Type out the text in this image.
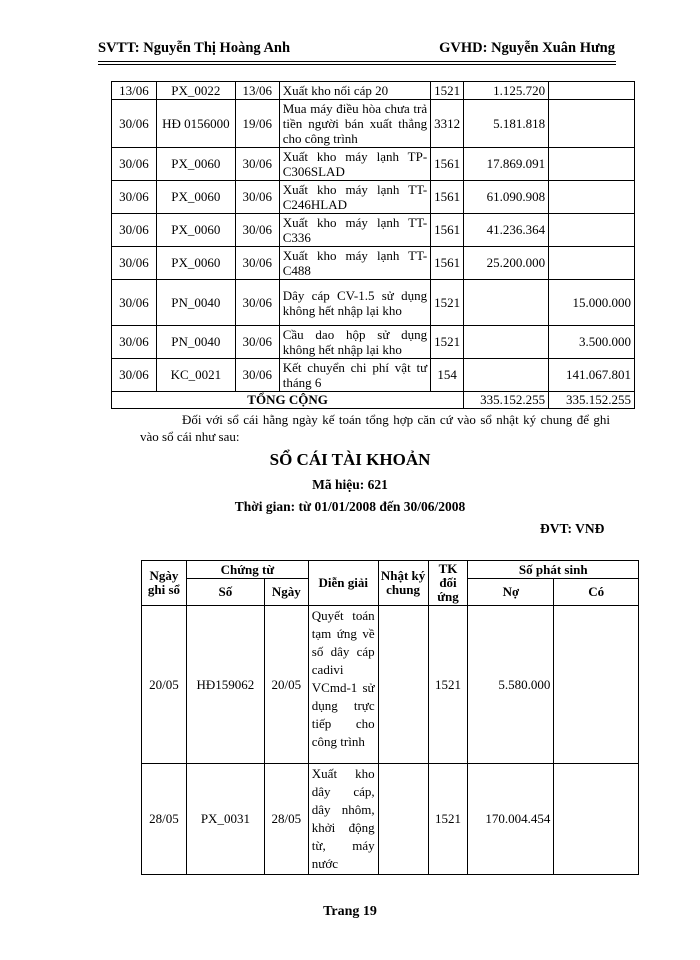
SVTT: Nguyễn Thị Hoàng Anh	GVHD: Nguyễn Xuân Hưng
13/06	PX_0022	13/06	Xuất kho nối cáp 20	1521	1.125.720	
30/06	HĐ 0156000	19/06	Mua máy điều hòa chưa trả tiền người bán xuất thẳng cho công trình	3312	5.181.818	
30/06	PX_0060	30/06	Xuất kho máy lạnh TP-C306SLAD	1561	17.869.091	
30/06	PX_0060	30/06	Xuất kho máy lạnh TT-C246HLAD	1561	61.090.908	
30/06	PX_0060	30/06	Xuất kho máy lạnh TT-C336	1561	41.236.364	
30/06	PX_0060	30/06	Xuất kho máy lạnh TT-C488	1561	25.200.000	
30/06	PN_0040	30/06	Dây cáp CV-1.5 sử dụng không hết nhập lại kho	1521		15.000.000
30/06	PN_0040	30/06	Cầu dao hộp sử dụng không hết nhập lại kho	1521		3.500.000
30/06	KC_0021	30/06	Kết chuyển chi phí vật tư tháng 6	154		141.067.801
TỔNG CỘNG					335.152.255	335.152.255
Đối với sổ cái hằng ngày kế toán tổng hợp căn cứ vào sổ nhật ký chung để ghi vào sổ cái như sau:
SỔ CÁI TÀI KHOẢN
Mã hiệu: 621
Thời gian: từ 01/01/2008 đến 30/06/2008
ĐVT: VNĐ
Ngày ghi sổ	Chứng từ		Diễn giải	Nhật ký chung	TK đối ứng	Số phát sinh	
	Số	Ngày				Nợ	Có
20/05	HĐ159062	20/05	Quyết toán tạm ứng về số dây cáp cadivi VCmd-1 sử dụng trực tiếp cho công trình		1521	5.580.000	
28/05	PX_0031	28/05	Xuất kho dây cáp, dây nhôm, khởi động từ, máy nước		1521	170.004.454	
Trang 19
